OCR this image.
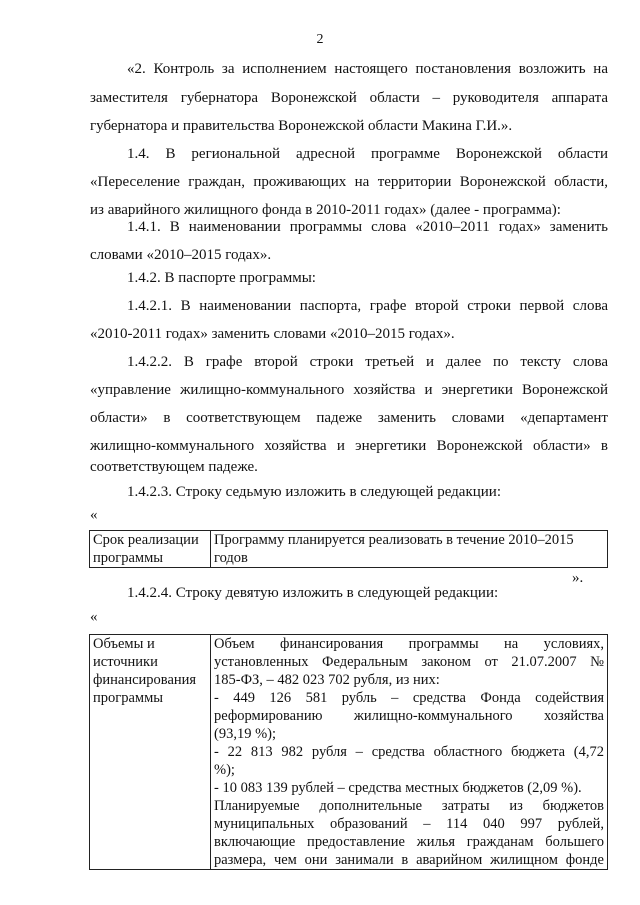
2

«2. Контроль за исполнением настоящего постановления возложить на

заместителя губернатора Воронежской области – руководителя аппарата

губернатора и правительства Воронежской области Макина Г.И.».

1.4. В региональной адресной программе Воронежской области

«Переселение граждан, проживающих на территории Воронежской области,

из аварийного жилищного фонда в 2010-2011 годах» (далее - программа):

1.4.1. В наименовании программы слова «2010–2011 годах» заменить

словами «2010–2015 годах».

1.4.2. В паспорте программы:

1.4.2.1. В наименовании паспорта, графе второй строки первой слова

«2010-2011 годах» заменить словами «2010–2015 годах».

1.4.2.2. В графе второй строки третьей и далее по тексту слова

«управление жилищно-коммунального хозяйства и энергетики Воронежской

области» в соответствующем падеже заменить словами «департамент

жилищно-коммунального хозяйства и энергетики Воронежской области» в

соответствующем падеже.

1.4.2.3. Строку седьмую изложить в следующей редакции:

«
Срок реализации
программы

Программу планируется реализовать в течение 2010–2015
годов
».

1.4.2.4. Строку девятую изложить в следующей редакции:

«
Объемы и
источники
финансирования
программы

Объем финансирования программы на условиях,
установленных Федеральным законом от 21.07.2007 №
185-ФЗ, – 482 023 702 рубля, из них:
- 449 126 581 рубль – средства Фонда содействия
реформированию жилищно-коммунального хозяйства
(93,19 %);
- 22 813 982 рубля – средства областного бюджета (4,72
%);
- 10 083 139 рублей – средства местных бюджетов (2,09 %).
Планируемые дополнительные затраты из бюджетов
муниципальных образований – 114 040 997 рублей,
включающие предоставление жилья гражданам большего
размера, чем они занимали в аварийном жилищном фонде
